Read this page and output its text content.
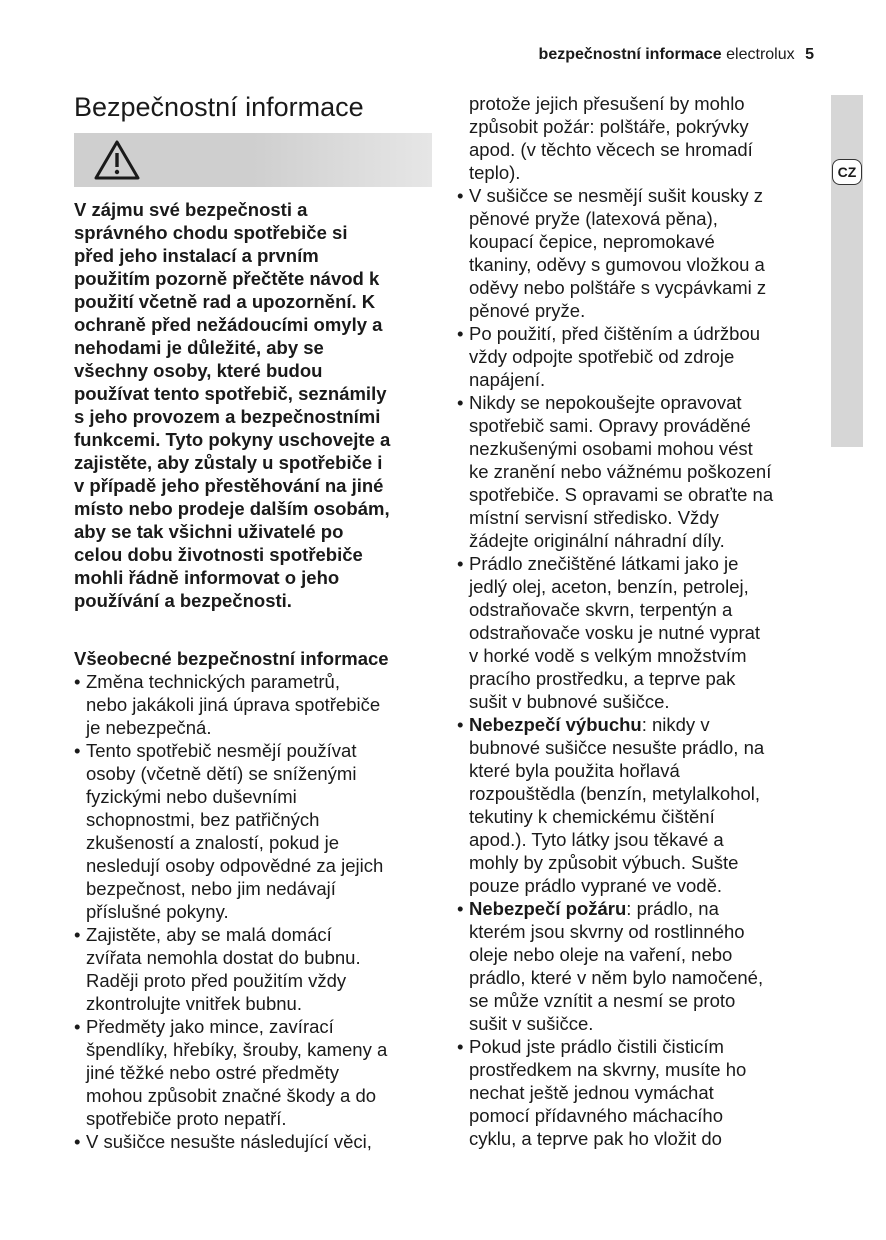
bezpečnostní informace electrolux 5
CZ
Bezpečnostní informace
V zájmu své bezpečnosti a
správného chodu spotřebiče si
před jeho instalací a prvním
použitím pozorně přečtěte návod k
použití včetně rad a upozornění. K
ochraně před nežádoucími omyly a
nehodami je důležité, aby se
všechny osoby, které budou
používat tento spotřebič, seznámily
s jeho provozem a bezpečnostními
funkcemi. Tyto pokyny uschovejte a
zajistěte, aby zůstaly u spotřebiče i
v případě jeho přestěhování na jiné
místo nebo prodeje dalším osobám,
aby se tak všichni uživatelé po
celou dobu životnosti spotřebiče
mohli řádně informovat o jeho
používání a bezpečnosti.
Všeobecné bezpečnostní informace
• Změna technických parametrů,
nebo jakákoli jiná úprava spotřebiče
je nebezpečná.
• Tento spotřebič nesmějí používat
osoby (včetně dětí) se sníženými
fyzickými nebo duševními
schopnostmi, bez patřičných
zkušeností a znalostí, pokud je
nesledují osoby odpovědné za jejich
bezpečnost, nebo jim nedávají
příslušné pokyny.
• Zajistěte, aby se malá domácí
zvířata nemohla dostat do bubnu.
Raději proto před použitím vždy
zkontrolujte vnitřek bubnu.
• Předměty jako mince, zavírací
špendlíky, hřebíky, šrouby, kameny a
jiné těžké nebo ostré předměty
mohou způsobit značné škody a do
spotřebiče proto nepatří.
• V sušičce nesušte následující věci,
protože jejich přesušení by mohlo
způsobit požár: polštáře, pokrývky
apod. (v těchto věcech se hromadí
teplo).
• V sušičce se nesmějí sušit kousky z
pěnové pryže (latexová pěna),
koupací čepice, nepromokavé
tkaniny, oděvy s gumovou vložkou a
oděvy nebo polštáře s vycpávkami z
pěnové pryže.
• Po použití, před čištěním a údržbou
vždy odpojte spotřebič od zdroje
napájení.
• Nikdy se nepokoušejte opravovat
spotřebič sami. Opravy prováděné
nezkušenými osobami mohou vést
ke zranění nebo vážnému poškození
spotřebiče. S opravami se obraťte na
místní servisní středisko. Vždy
žádejte originální náhradní díly.
• Prádlo znečištěné látkami jako je
jedlý olej, aceton, benzín, petrolej,
odstraňovače skvrn, terpentýn a
odstraňovače vosku je nutné vyprat
v horké vodě s velkým množstvím
pracího prostředku, a teprve pak
sušit v bubnové sušičce.
• Nebezpečí výbuchu: nikdy v
bubnové sušičce nesušte prádlo, na
které byla použita hořlavá
rozpouštědla (benzín, metylalkohol,
tekutiny k chemickému čištění
apod.). Tyto látky jsou těkavé a
mohly by způsobit výbuch. Sušte
pouze prádlo vyprané ve vodě.
• Nebezpečí požáru: prádlo, na
kterém jsou skvrny od rostlinného
oleje nebo oleje na vaření, nebo
prádlo, které v něm bylo namočené,
se může vznítit a nesmí se proto
sušit v sušičce.
• Pokud jste prádlo čistili čisticím
prostředkem na skvrny, musíte ho
nechat ještě jednou vymáchat
pomocí přídavného máchacího
cyklu, a teprve pak ho vložit do
